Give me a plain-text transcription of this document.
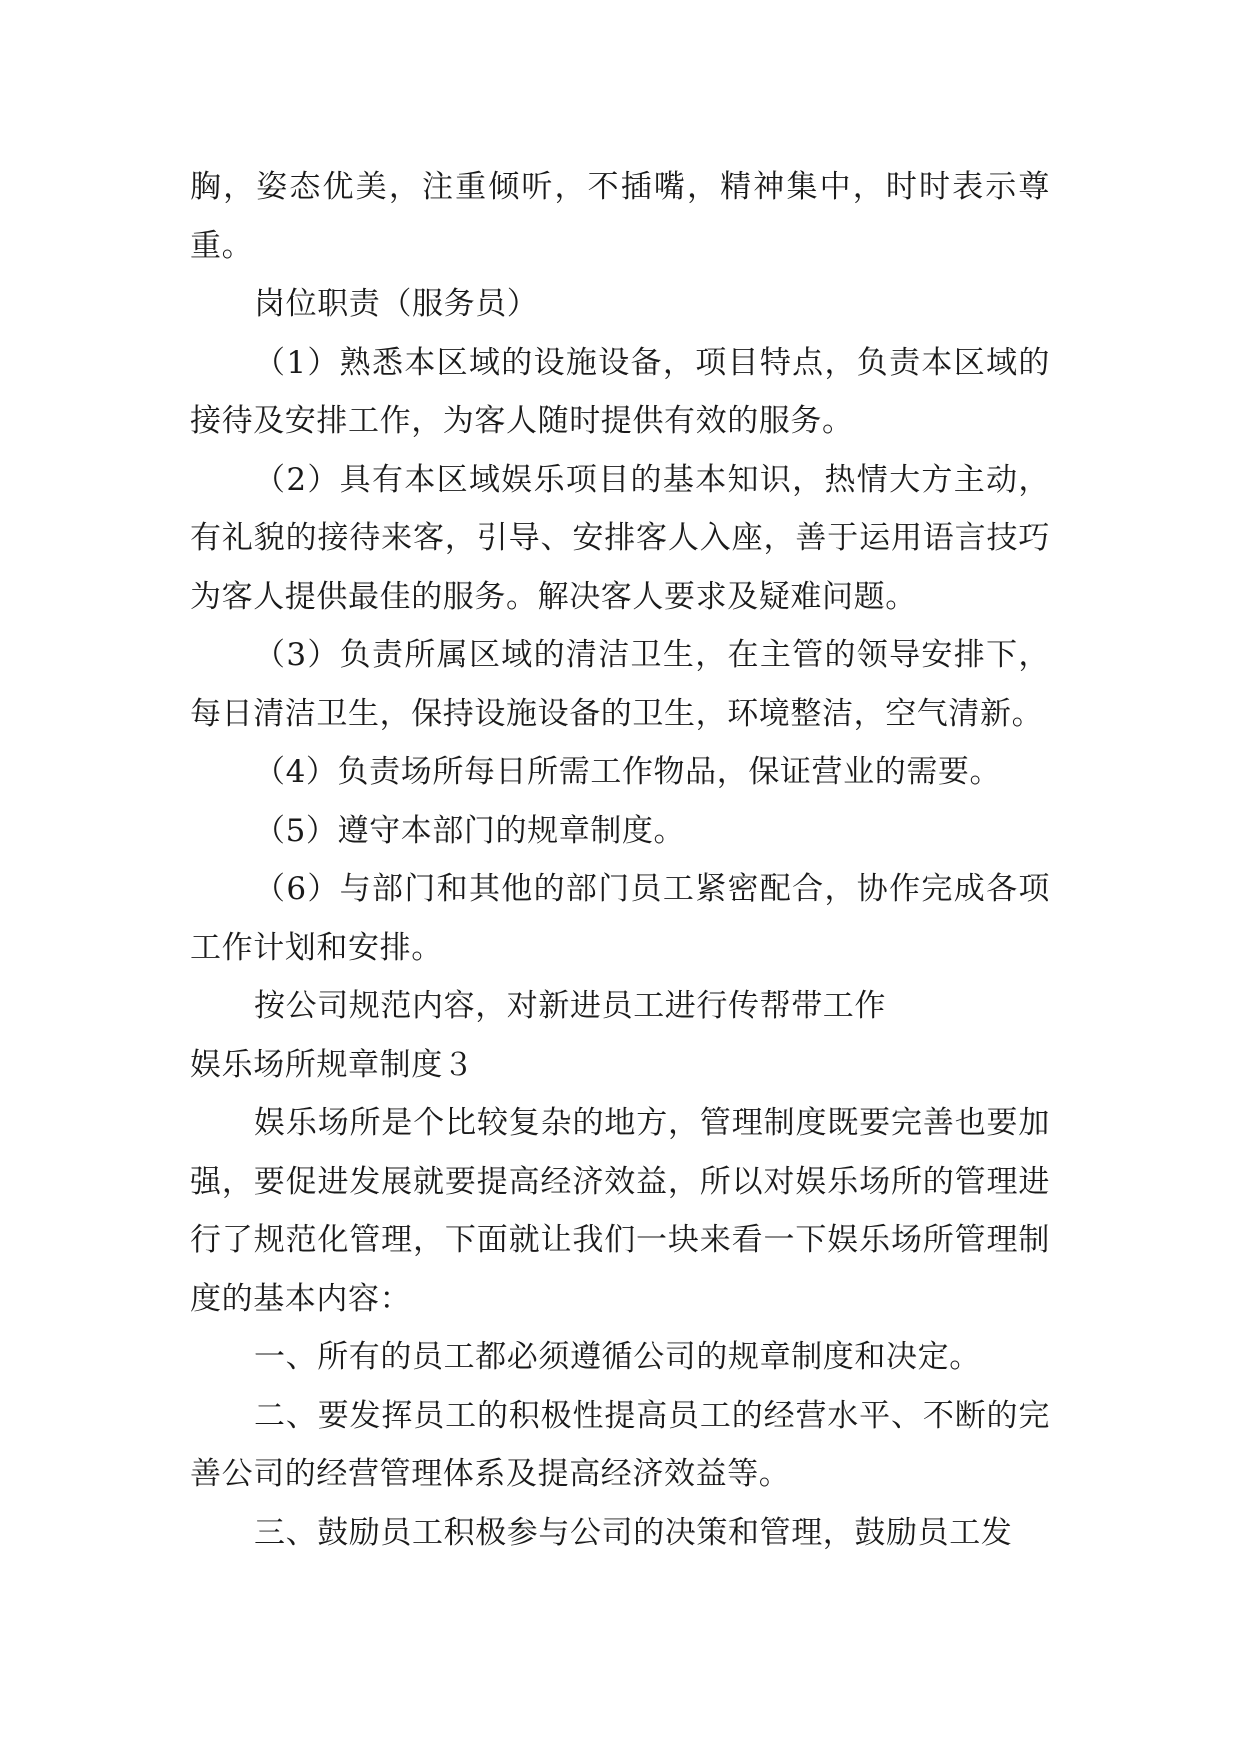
胸，姿态优美，注重倾听，不插嘴，精神集中，时时表示尊重。

岗位职责（服务员）

（1）熟悉本区域的设施设备，项目特点，负责本区域的接待及安排工作，为客人随时提供有效的服务。

（2）具有本区域娱乐项目的基本知识，热情大方主动，有礼貌的接待来客，引导、安排客人入座，善于运用语言技巧为客人提供最佳的服务。解决客人要求及疑难问题。

（3）负责所属区域的清洁卫生，在主管的领导安排下，每日清洁卫生，保持设施设备的卫生，环境整洁，空气清新。

（4）负责场所每日所需工作物品，保证营业的需要。

（5）遵守本部门的规章制度。

（6）与部门和其他的部门员工紧密配合，协作完成各项工作计划和安排。

按公司规范内容，对新进员工进行传帮带工作

娱乐场所规章制度３

娱乐场所是个比较复杂的地方，管理制度既要完善也要加强，要促进发展就要提高经济效益，所以对娱乐场所的管理进行了规范化管理，下面就让我们一块来看一下娱乐场所管理制度的基本内容：

一、所有的员工都必须遵循公司的规章制度和决定。

二、要发挥员工的积极性提高员工的经营水平、不断的完善公司的经营管理体系及提高经济效益等。

三、鼓励员工积极参与公司的决策和管理，鼓励员工发
